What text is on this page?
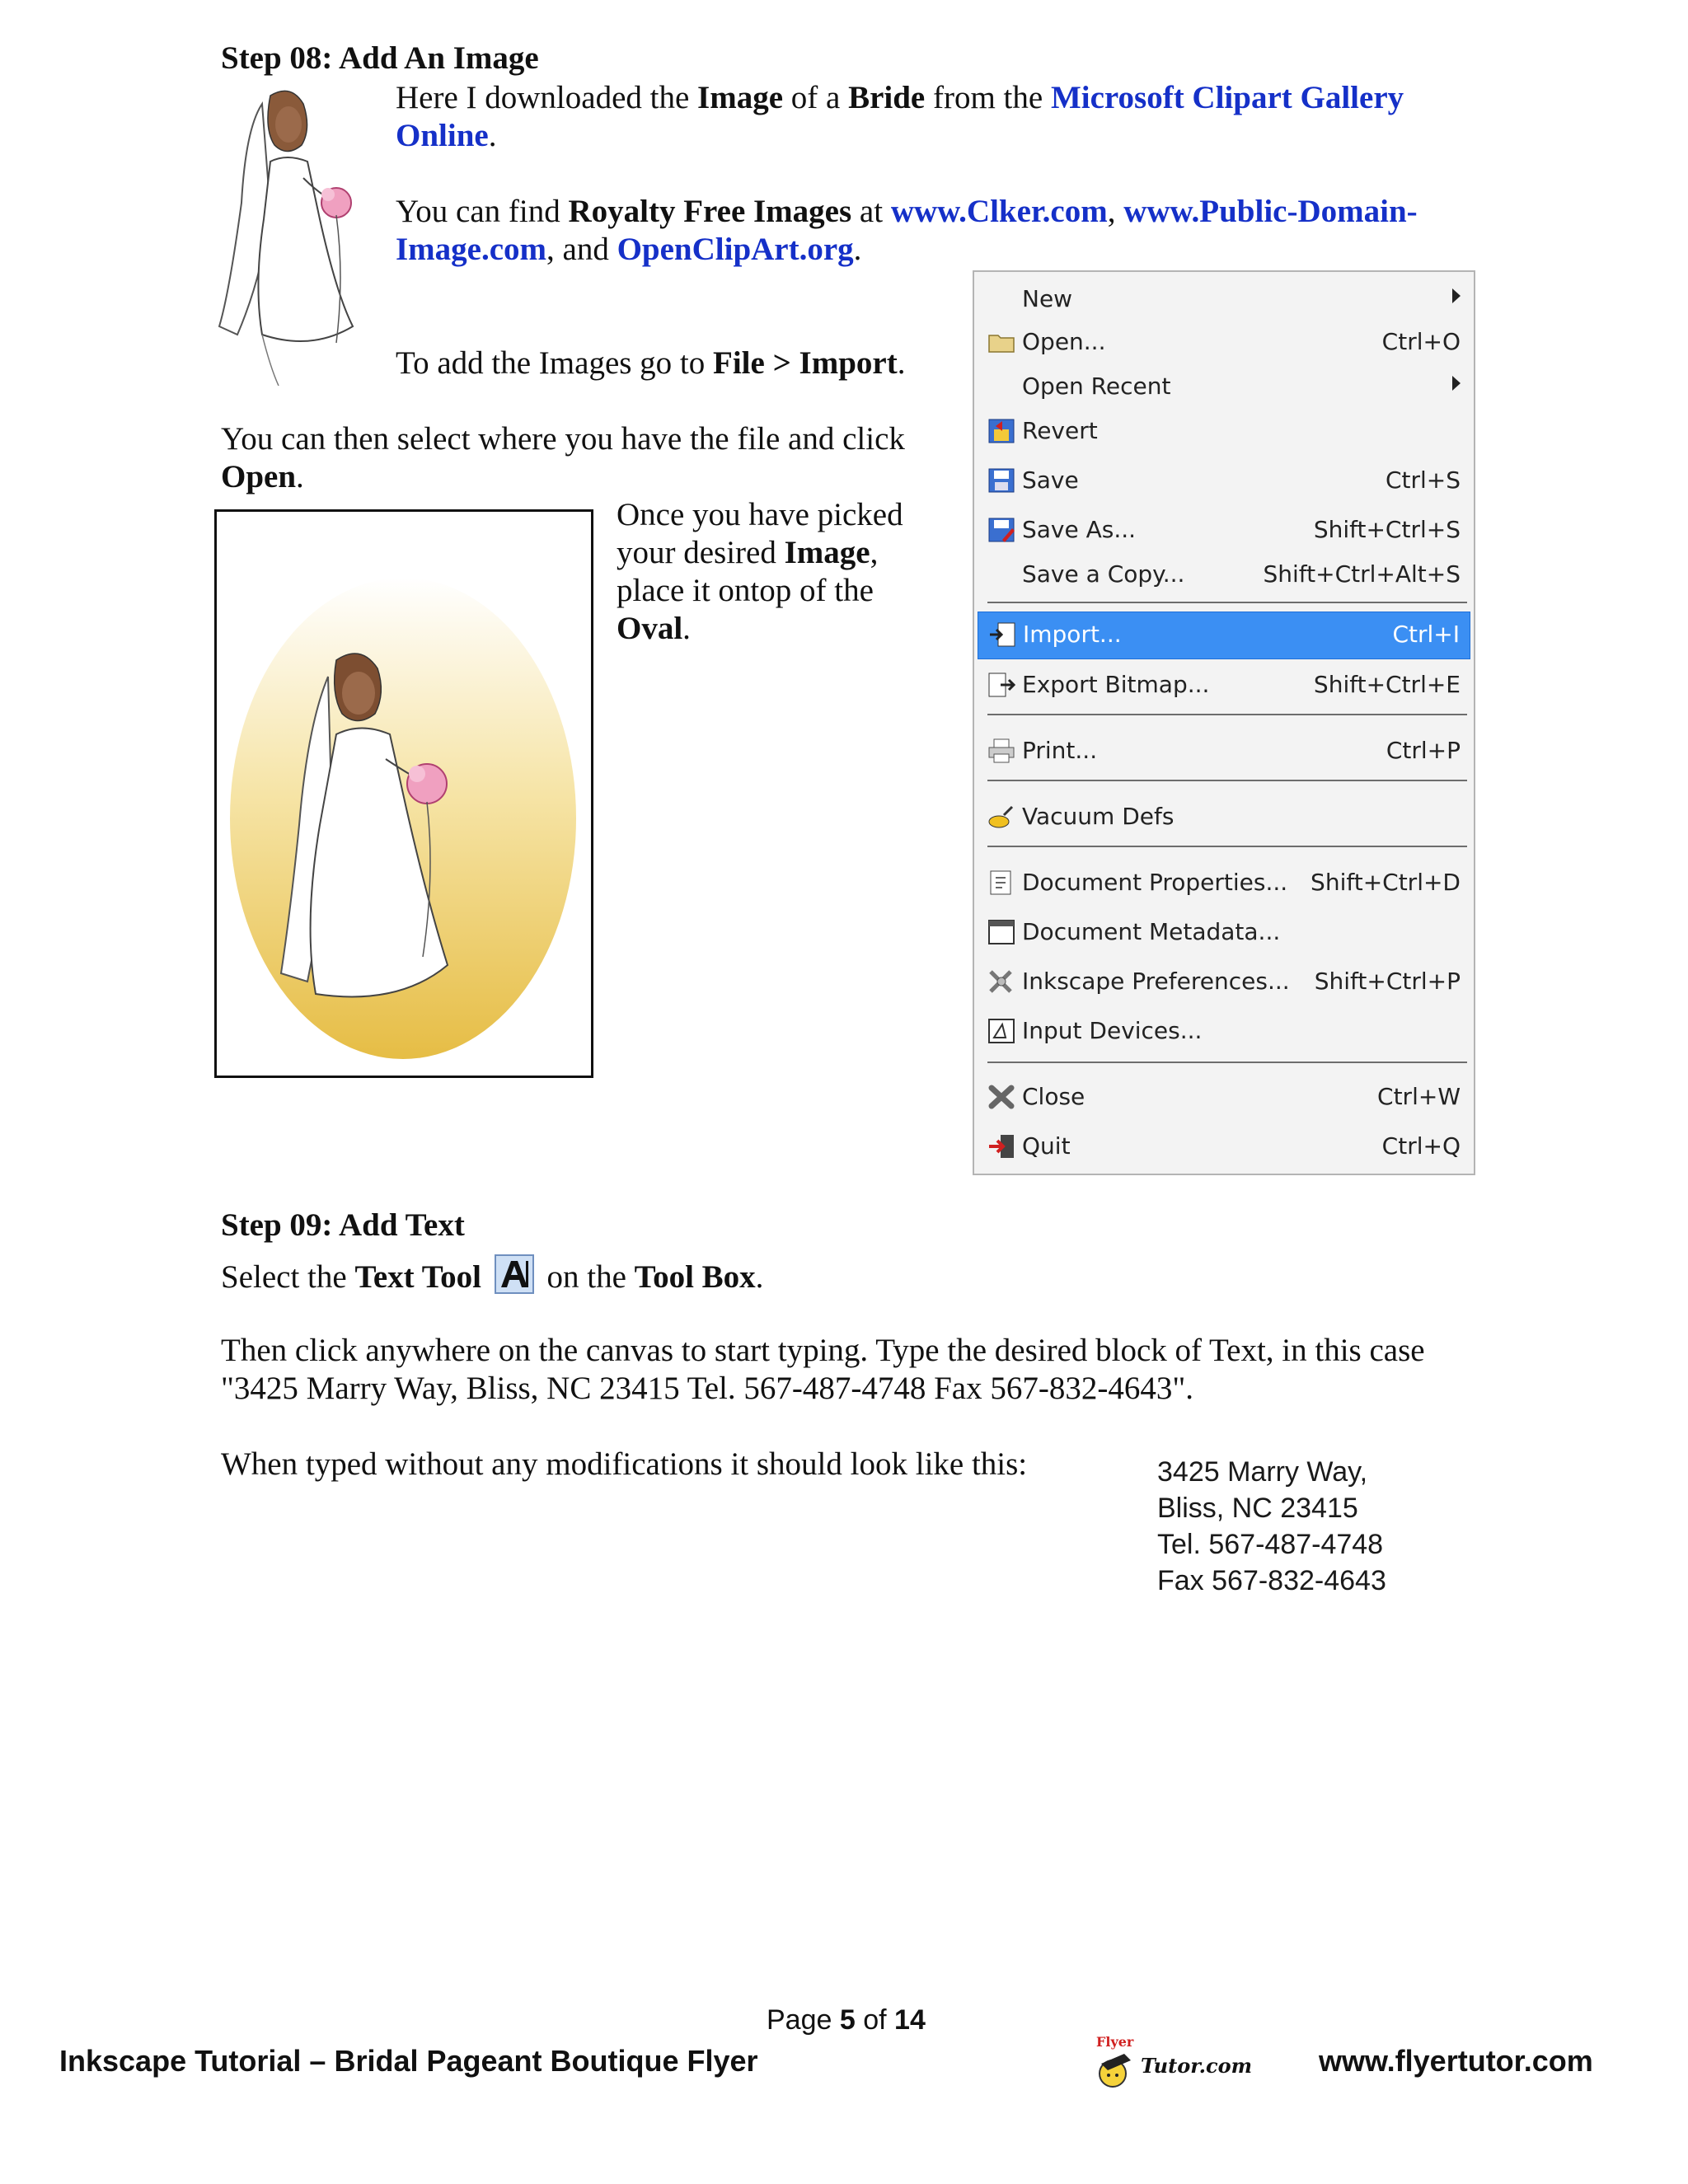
Step 08: Add An Image
Here I downloaded the Image of a Bride from the Microsoft Clipart Gallery Online.
You can find Royalty Free Images at www.Clker.com, www.Public-Domain-Image.com, and OpenClipArt.org.
To add the Images go to File > Import.
You can then select where you have the file and click Open.
Once you have picked your desired Image, place it ontop of the Oval.
New
Open...	Ctrl+O
Open Recent
Revert
Save	Ctrl+S
Save As...	Shift+Ctrl+S
Save a Copy...	Shift+Ctrl+Alt+S
Import...	Ctrl+I
Export Bitmap...	Shift+Ctrl+E
Print...	Ctrl+P
Vacuum Defs
Document Properties... Shift+Ctrl+D
Document Metadata...
Inkscape Preferences... Shift+Ctrl+P
Input Devices...
Close	Ctrl+W
Quit	Ctrl+Q
Step 09: Add Text
Select the Text Tool  on the Tool Box.
Then click anywhere on the canvas to start typing. Type the desired block of Text, in this case "3425 Marry Way, Bliss, NC 23415 Tel. 567-487-4748 Fax 567-832-4643".
When typed without any modifications it should look like this:	3425 Marry Way,
Bliss, NC 23415
Tel. 567-487-4748
Fax 567-832-4643
Page 5 of 14
Inkscape Tutorial – Bridal Pageant Boutique Flyer
Flyer
Tutor.com www.flyertutor.com
